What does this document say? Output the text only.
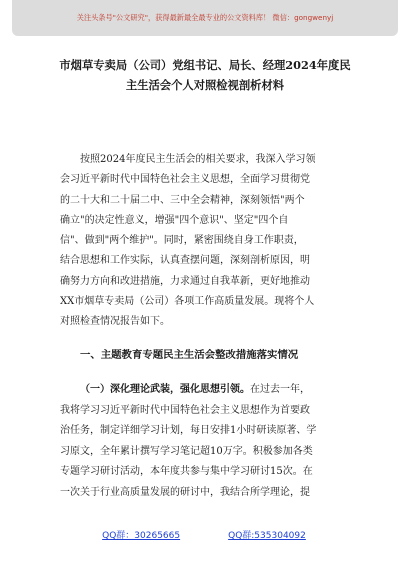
关注头条号"公文研究"，获得最新最全最专业的公文资料库！ 微信：gongwenyj
市烟草专卖局（公司）党组书记、局长、经理2024年度民
主生活会个人对照检视剖析材料
按照2024年度民主生活会的相关要求，我深入学习领
会习近平新时代中国特色社会主义思想，全面学习贯彻党
的二十大和二十届二中、三中全会精神，深刻领悟"两个
确立"的决定性意义，增强"四个意识"、坚定"四个自
信"、做到"两个维护"。同时，紧密围绕自身工作职责，
结合思想和工作实际，认真查摆问题，深刻剖析原因，明
确努力方向和改进措施，力求通过自我革新，更好地推动
XX市烟草专卖局（公司）各项工作高质量发展。现将个人
对照检查情况报告如下。
一、主题教育专题民主生活会整改措施落实情况
（一）深化理论武装，强化思想引领。在过去一年，
我将学习习近平新时代中国特色社会主义思想作为首要政
治任务，制定详细学习计划，每日安排1小时研读原著、学
习原文，全年累计撰写学习笔记超10万字。积极参加各类
专题学习研讨活动，本年度共参与集中学习研讨15次。在
一次关于行业高质量发展的研讨中，我结合所学理论，提
QQ群：30265665	QQ群:535304092
